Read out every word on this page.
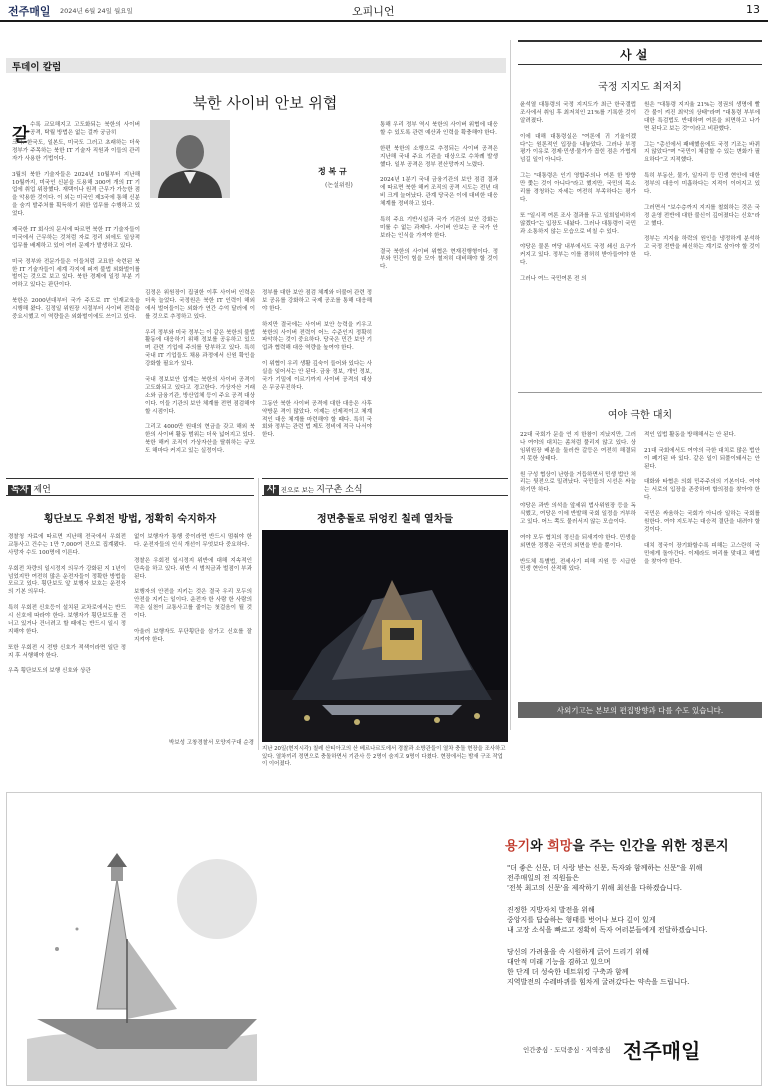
전주매일 2024년 6월 24일 월요일	오피니언	13
투데이 칼럼
북한 사이버 안보 위협
갈 수록 교묘해지고 고도화되는 북한의 사이버 공격, 탁월 방법은 없는 걸까 궁금히
크다. 한국도, 일본도, 미국도 그러고 초래하는 더욱 정부가 주목하는 북한 IT 기술자 직원과 이들의 관리자가 사용한 기법이다.

3월의 북한 기술자들은 2024년 10월부터 지난해 10월까지, 미국인 신분을 도용해 300여 개의 IT 기업에 취업 위장했다. 재택이나 원격 근무가 가능한 점을 악용한 것이다. 이 외는 미국인 제3국에 통해 신분을 숨겨 발주처를 획득하기 위한 업무를 수행하고 있었다.

제국한 IT 회사의 문서에 따르면 북한 IT 기술자들이 미국에서 근무하는 것처럼 자료 정리 외에도 일상적 업무를 배제하고 있어 여러 문제가 발생하고 있다.

미국 정부와 전문가들은 이들처럼 교묘한 숙련된 북한 IT 기술자들이 세계 각지에 퍼져 불법 외화벌이를 벌이는 것으로 보고 있다. 북한 경제에 일정 부분 기여하고 있다는 판단이다.

북한은 2000년대부터 국가 주도로 IT 인재교육을 시행해 왔다. 김정일 위원장 시절부터 사이버 전력을 중요시했고 이 역량들은 외화벌이에도 쓰이고 있다.
정 복 규
(논설위원)
김정은 위원장이 집권한 이후 사이버 인력은 더욱 늘었다. 국정원은 북한 IT 인력이 해외에서 벌어들이는 외화가 연간 수억 달러에 이를 것으로 추정하고 있다.

우리 정부와 미국 정부는 이 같은 북한의 불법 활동에 대응하기 위해 정보를 공유하고 있으며 관련 기업에 주의를 당부하고 있다. 특히 국내 IT 기업들도 채용 과정에서 신원 확인을 강화할 필요가 있다.

국내 정보보안 업계는 북한의 사이버 공격이 고도화되고 있다고 경고한다. 가상자산 거래소와 금융기관, 방산업체 등이 주요 공격 대상이다. 이들 기관의 보안 체계를 전면 점검해야 할 시점이다.

그리고 4000만 원대의 현금을 갖고 해외 북한의 사이버 활동 범위는 더욱 넓어지고 있다. 북한 해커 조직이 가상자산을 탈취하는 규모도 해마다 커지고 있는 실정이다.
정부를 대한 보안 점검 체계와 더불어 관련 정보 공유를 강화하고 국제 공조를 통해 대응해야 한다.

하지만 결국에는 사이버 보안 능력을 키우고 북한의 사이버 전력이 어느 수준인지 정확히 파악하는 것이 중요하다. 당국은 민간 보안 기업과 협력해 대응 역량을 높여야 한다.

이 위협이 우리 생활 깊숙이 들어와 있다는 사실을 잊어서는 안 된다. 금융 정보, 개인 정보, 국가 기밀에 이르기까지 사이버 공격의 대상은 무궁무진하다.

그동안 북한 사이버 공격에 대한 대응은 사후 약방문 격이 많았다. 이제는 선제적이고 체계적인 대응 체계를 마련해야 할 때다. 특히 국회와 정부는 관련 법 제도 정비에 적극 나서야 한다.
통해 우리 정부 역시 북한의 사이버 위협에 대응할 수 있도록 관련 예산과 인력을 확충해야 한다.

한편 북한의 소행으로 추정되는 사이버 공격은 지난해 국내 주요 기관을 대상으로 수차례 발생했다. 일부 공격은 정부 전산망까지 노렸다.

2024년 1분기 국내 금융기관의 보안 점검 결과에 따르면 북한 해커 조직의 공격 시도는 전년 대비 크게 늘어났다. 관계 당국은 이에 대비한 대응 체계를 정비하고 있다.

특히 주요 기반시설과 국가 기관의 보안 강화는 미룰 수 없는 과제다. 사이버 안보는 곧 국가 안보라는 인식을 가져야 한다.

결국 북한의 사이버 위협은 현재진행형이다. 정부와 민간이 힘을 모아 철저히 대비해야 할 것이다.
사 설
국정 지지도 최저치
윤석열 대통령의 국정 지지도가 최근 한국갤럽 조사에서 취임 후 최저치인 21%를 기록한 것이 알려졌다.

이에 대해 대통령실은 "여론에 귀 기울이겠다"는 원론적인 입장을 내놓았다. 그러나 부정 평가 이유로 경제·민생·물가가 꼽힌 점은 가볍게 넘길 일이 아니다.

그는 "대통령은 인기 영합주의나 여론 한 방향 만 쫓는 것이 아니다"라고 했지만, 국민의 목소리를 경청하는 자세는 여전히 부족하다는 평가다.

또 "일시적 여론 조사 결과를 두고 일희일비하지 않겠다"는 입장도 내놨다. 그러나 대통령이 국민과 소통하지 않는 모습으로 비칠 수 있다.

야당은 물론 여당 내부에서도 국정 쇄신 요구가 커지고 있다. 정부는 이를 겸허히 받아들여야 한다.

그러나 여느 국민여론 전 의
원은 "대통령 지지율 21%는 정권의 생명에 빨간 불이 켜진 최악의 상태"라며 "대통령 부부에 대한 특검법도 반대하며 여론을 외면하고 나가면 된다고 보는 것"이라고 비판했다.

그는 "총선에서 패배했음에도 국정 기조는 바뀌지 않았다"며 "국민이 체감할 수 있는 변화가 필요하다"고 지적했다.

특히 부동산, 물가, 일자리 등 민생 현안에 대한 정부의 대응이 미흡하다는 지적이 이어지고 있다.

그러면서 "보수층까지 지지를 철회하는 것은 국정 운영 전반에 대한 불신이 깊어졌다는 신호"라고 했다.

정부는 지지율 하락의 원인을 냉정하게 분석하고 국정 전반을 쇄신하는 계기로 삼아야 할 것이다.
여야 극한 대치
22대 국회가 문을 연 지 한참이 지났지만, 그러나 여야의 대치는 좀처럼 풀리지 않고 있다. 상임위원장 배분을 둘러싼 갈등은 여전히 해결되지 못한 상태다.

원 구성 협상이 난항을 거듭하면서 민생 법안 처리는 뒷전으로 밀려났다. 국민들의 시선은 싸늘하기만 하다.

야당은 과반 의석을 앞세워 법사위원장 등을 독식했고, 여당은 이에 반발해 국회 일정을 거부하고 있다. 어느 쪽도 물러서지 않는 모습이다.

여야 모두 협치의 정신을 되새겨야 한다. 민생을 외면한 정쟁은 국민의 외면을 받을 뿐이다.

반도체 특별법, 전세사기 피해 지원 등 시급한 민생 현안이 산적해 있다.
적인 입법 활동을 방해해서는 안 된다.

21대 국회에서도 여야의 극한 대치로 많은 법안이 폐기된 바 있다. 같은 일이 되풀이돼서는 안 된다.

대화와 타협은 의회 민주주의의 기본이다. 여야는 서로의 입장을 존중하며 합의점을 찾아야 한다.

국민은 싸움하는 국회가 아니라 일하는 국회를 원한다. 여야 지도부는 대승적 결단을 내려야 할 것이다.

대치 정국이 장기화할수록 피해는 고스란히 국민에게 돌아간다. 이제라도 머리를 맞대고 해법을 찾아야 한다.
사외기고는 본보의 편집방향과 다를 수도 있습니다.
독자 제언
횡단보도 우회전 방법, 정확히 숙지하자
경찰청 자료에 따르면 지난해 전국에서 우회전 교통사고 건수는 1만 7,000여 건으로 집계됐다. 사망자 수도 100명에 이른다.

우회전 차량의 일시정지 의무가 강화된 지 1년이 넘었지만 여전히 많은 운전자들이 정확한 방법을 모르고 있다. 횡단보도 앞 보행자 보호는 운전자의 기본 의무다.

특히 우회전 신호등이 설치된 교차로에서는 반드시 신호에 따라야 한다. 보행자가 횡단보도를 건너고 있거나 건너려고 할 때에는 반드시 일시 정지해야 한다.

또한 우회전 시 전방 신호가 적색이라면 일단 정지 후 서행해야 한다.

우측 횡단보도의 보행 신호와 상관
없이 보행자가 통행 중이라면 반드시 멈춰야 한다. 운전자들의 인식 개선이 무엇보다 중요하다.

경찰은 우회전 일시정지 위반에 대해 지속적인 단속을 하고 있다. 위반 시 범칙금과 벌점이 부과된다.

보행자의 안전을 지키는 것은 결국 우리 모두의 안전을 지키는 일이다. 운전자 한 사람 한 사람의 작은 실천이 교통사고를 줄이는 첫걸음이 될 것이다.

아울러 보행자도 무단횡단을 삼가고 신호를 잘 지켜야 한다.
박보성 고창경찰서 모양지구대 순경
사 진으로 보는 지구촌 소식
정면충돌로 뒤엉킨 칠레 열차들
지난 20일(현지시각) 칠레 산티아고의 산 베르나르도에서 경찰과 소방관들이 열차 충돌 현장을 조사하고 있다. 열차끼리 정면으로 충돌하면서 기관사 등 2명이 숨지고 9명이 다쳤다. 현장에서는 밤새 구조 작업이 이어졌다.
용기와 희망을 주는 인간을 위한 정론지
"더 좋은 신문, 더 사랑 받는 신문, 독자와 함께하는 신문"을 위해
전주매일의 전 직원들은
'전북 최고의 신문'을 제작하기 위해 최선을 다하겠습니다.
진정한 지방자치 발전을 위해
중앙지를 답습하는 형태를 벗어나 보다 깊이 있게
내 고장 소식을 빠르고 정확히 독자 여러분들에게 전달하겠습니다.
당신의 가려움을 속 시원하게 긁어 드리기 위해
대안적 미래 기능을 겸하고 있으며
한 단계 더 성숙한 네트워킹 구축과 함께
지역발전의 수레바퀴를 힘차게 굴려갔다는 약속을 드립니다.
인간중심 · 도덕중심 · 지역중심 전주매일
